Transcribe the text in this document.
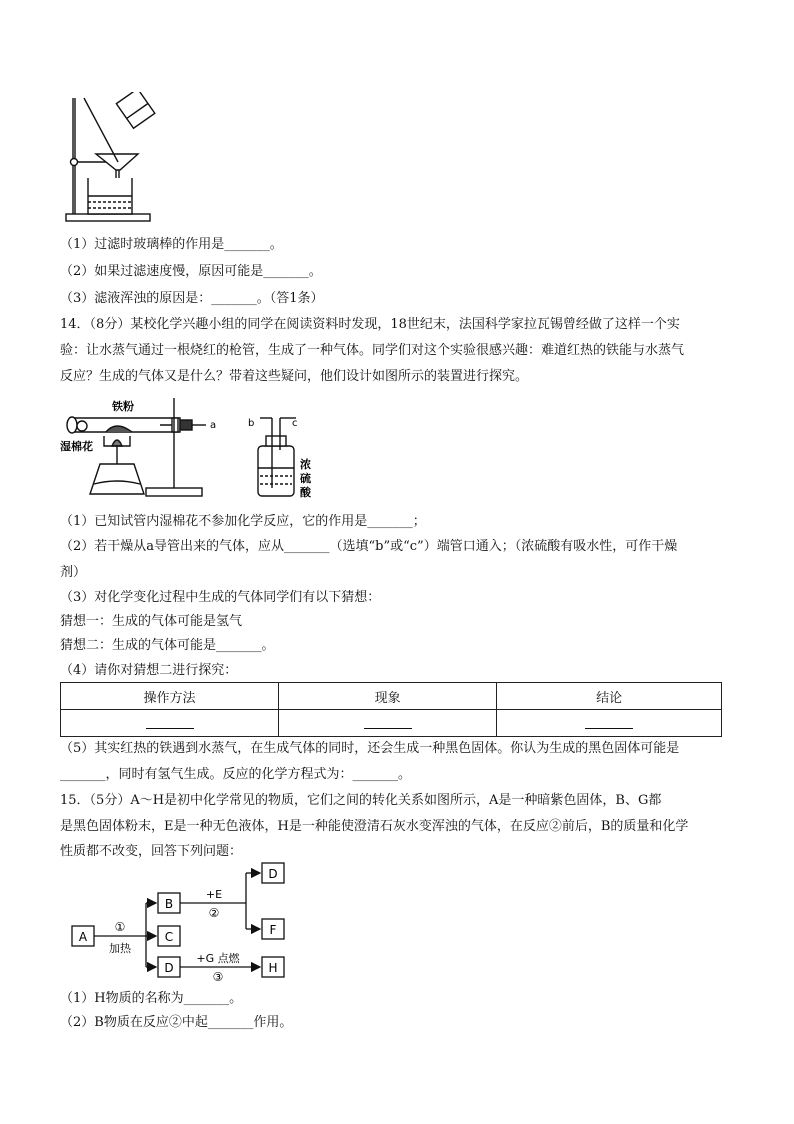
（1）过滤时玻璃棒的作用是_______。
（2）如果过滤速度慢，原因可能是_______。
（3）滤液浑浊的原因是：_______。（答1条）
14．（8分）某校化学兴趣小组的同学在阅读资料时发现，18世纪末，法国科学家拉瓦锡曾经做了这样一个实
验：让水蒸气通过一根烧红的枪管，生成了一种气体。同学们对这个实验很感兴趣：难道红热的铁能与水蒸气
反应？生成的气体又是什么？带着这些疑问，他们设计如图所示的装置进行探究。
铁粉
湿棉花
a	b	c
浓
硫
酸
（1）已知试管内湿棉花不参加化学反应，它的作用是_______；
（2）若干燥从a导管出来的气体，应从_______（选填“b”或“c”）端管口通入；（浓硫酸有吸水性，可作干燥
剂）
（3）对化学变化过程中生成的气体同学们有以下猜想：
猜想一：生成的气体可能是氢气
猜想二：生成的气体可能是_______。
（4）请你对猜想二进行探究：
操作方法	现象	结论

（5）其实红热的铁遇到水蒸气，在生成气体的同时，还会生成一种黑色固体。你认为生成的黑色固体可能是
_______，同时有氢气生成。反应的化学方程式为：_______。
15．（5分）A～H是初中化学常见的物质，它们之间的转化关系如图所示，A是一种暗紫色固体，B、G都
是黑色固体粉末，E是一种无色液体，H是一种能使澄清石灰水变浑浊的气体，在反应②前后，B的质量和化学
性质都不改变，回答下列问题：
A
B
C
D
D
F
H
①
加热
+E
②
+G 点燃
③
（1）H物质的名称为_______。
（2）B物质在反应②中起_______作用。
